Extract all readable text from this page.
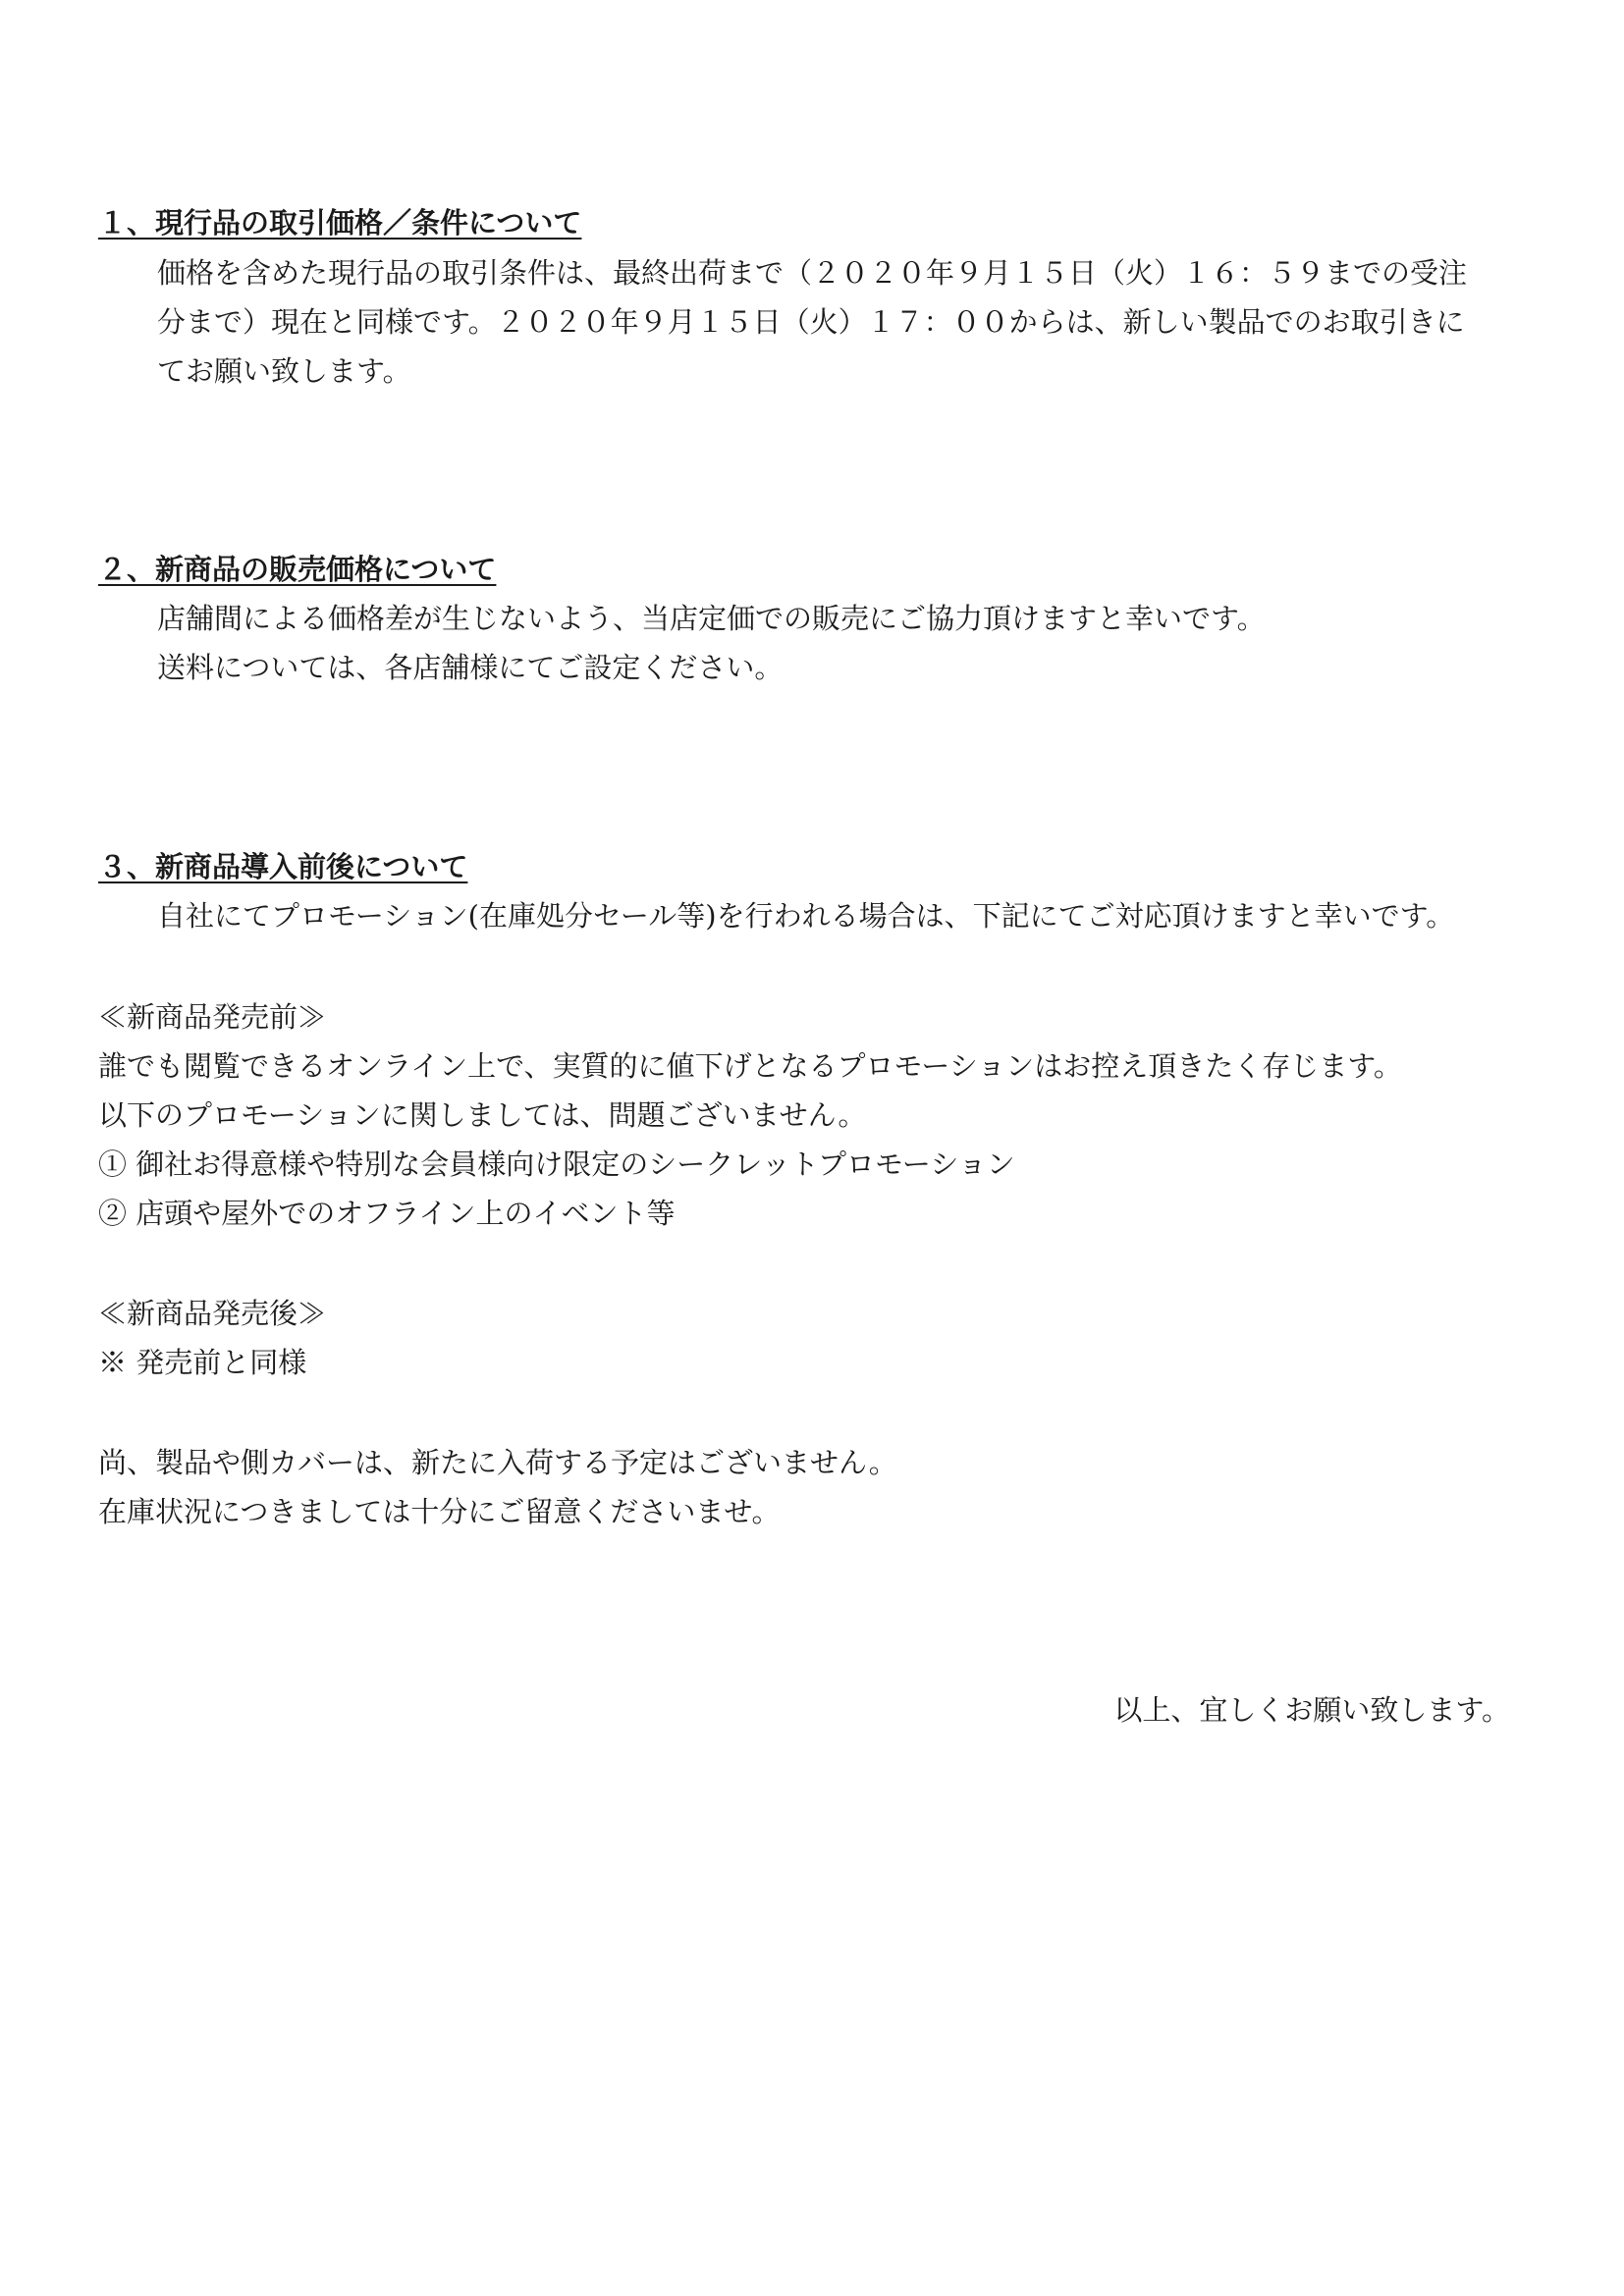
１、現行品の取引価格／条件について
価格を含めた現行品の取引条件は、最終出荷まで（２０２０年９月１５日（火）１６：５９までの受注
分まで）現在と同様です。２０２０年９月１５日（火）１７：００からは、新しい製品でのお取引きに
てお願い致します。
２、新商品の販売価格について
店舗間による価格差が生じないよう、当店定価での販売にご協力頂けますと幸いです。
送料については、各店舗様にてご設定ください。
３、新商品導入前後について
自社にてプロモーション(在庫処分セール等)を行われる場合は、下記にてご対応頂けますと幸いです。
≪新商品発売前≫
誰でも閲覧できるオンライン上で、実質的に値下げとなるプロモーションはお控え頂きたく存じます。
以下のプロモーションに関しましては、問題ございません。
① 御社お得意様や特別な会員様向け限定のシークレットプロモーション
② 店頭や屋外でのオフライン上のイベント等
≪新商品発売後≫
※ 発売前と同様
尚、製品や側カバーは、新たに入荷する予定はございません。
在庫状況につきましては十分にご留意くださいませ。
以上、宜しくお願い致します。
